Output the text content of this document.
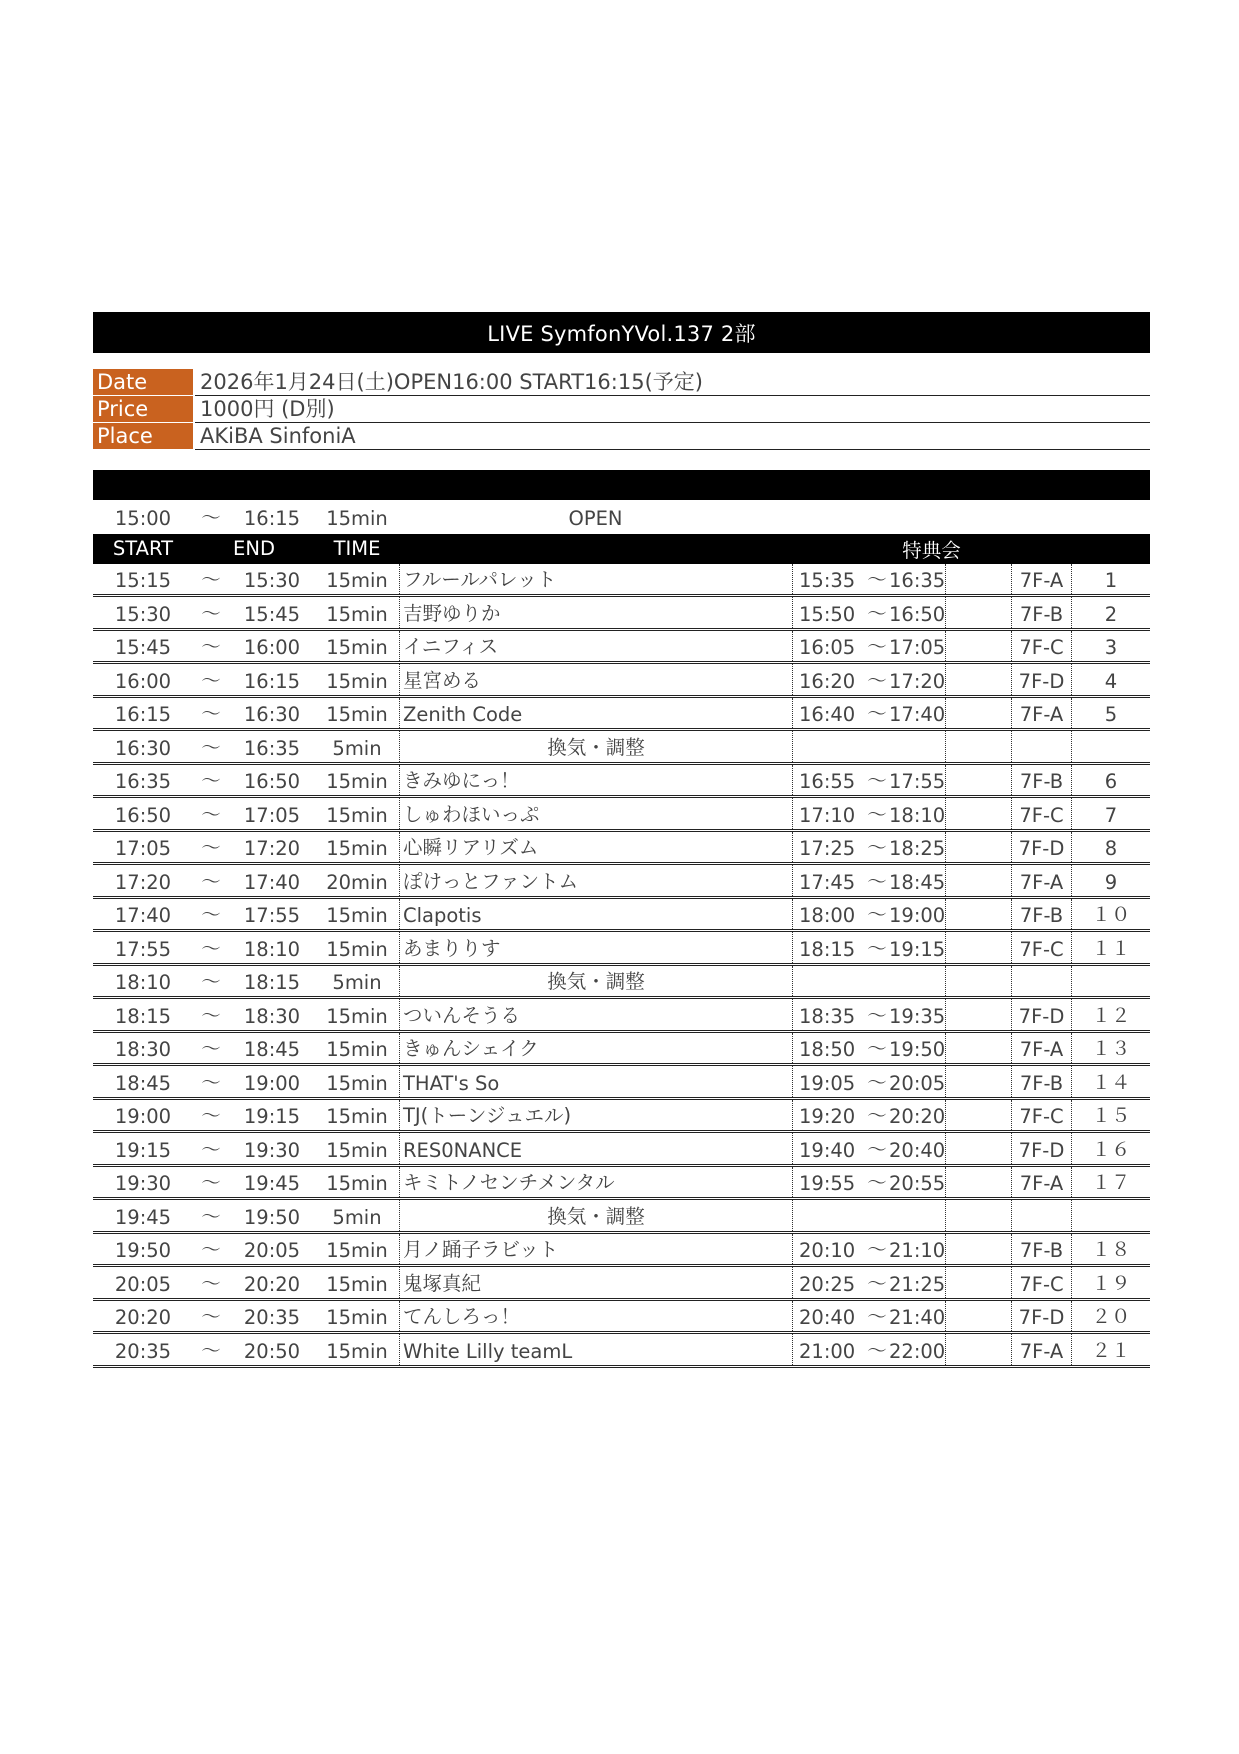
LIVE SymfonYVol.137 2部
Date	2026年1月24日(土)OPEN16:00 START16:15(予定)
Price	1000円 (D別)
Place	AKiBA SinfoniA
15:00	〜	16:15	15min	OPEN
START	END	TIME	特典会
15:15	〜	15:30	15min フルールパレット	15:35 〜 16:35	7F-A	1
15:30	〜	15:45	15min 吉野ゆりか	15:50 〜 16:50	7F-B	2
15:45	〜	16:00	15min イニフィス	16:05 〜 17:05	7F-C	3
16:00	〜	16:15	15min 星宮める	16:20 〜 17:20	7F-D	4
16:15	〜	16:30	15min Zenith Code	16:40 〜 17:40	7F-A	5
16:30	〜	16:35	5min	換気・調整
16:35	〜	16:50	15min きみゆにっ！	16:55 〜 17:55	7F-B	6
16:50	〜	17:05	15min しゅわほいっぷ	17:10 〜 18:10	7F-C	7
17:05	〜	17:20	15min 心瞬リアリズム	17:25 〜 18:25	7F-D	8
17:20	〜	17:40	20min ぽけっとファントム	17:45 〜 18:45	7F-A	9
17:40	〜	17:55	15min Clapotis	18:00 〜 19:00	7F-B	１０
17:55	〜	18:10	15min あまりりす	18:15 〜 19:15	7F-C	１１
18:10	〜	18:15	5min	換気・調整
18:15	〜	18:30	15min ついんそうる	18:35 〜 19:35	7F-D	１２
18:30	〜	18:45	15min きゅんシェイク	18:50 〜 19:50	7F-A	１３
18:45	〜	19:00	15min THAT's So	19:05 〜 20:05	7F-B	１４
19:00	〜	19:15	15min TJ(トーンジュエル)	19:20 〜 20:20	7F-C	１５
19:15	〜	19:30	15min RES0NANCE	19:40 〜 20:40	7F-D	１６
19:30	〜	19:45	15min キミトノセンチメンタル	19:55 〜 20:55	7F-A	１７
19:45	〜	19:50	5min	換気・調整
19:50	〜	20:05	15min 月ノ踊子ラビット	20:10 〜 21:10	7F-B	１８
20:05	〜	20:20	15min 鬼塚真紀	20:25 〜 21:25	7F-C	１９
20:20	〜	20:35	15min てんしろっ！	20:40 〜 21:40	7F-D	２０
20:35	〜	20:50	15min White Lilly teamL	21:00 〜 22:00	7F-A	２１
